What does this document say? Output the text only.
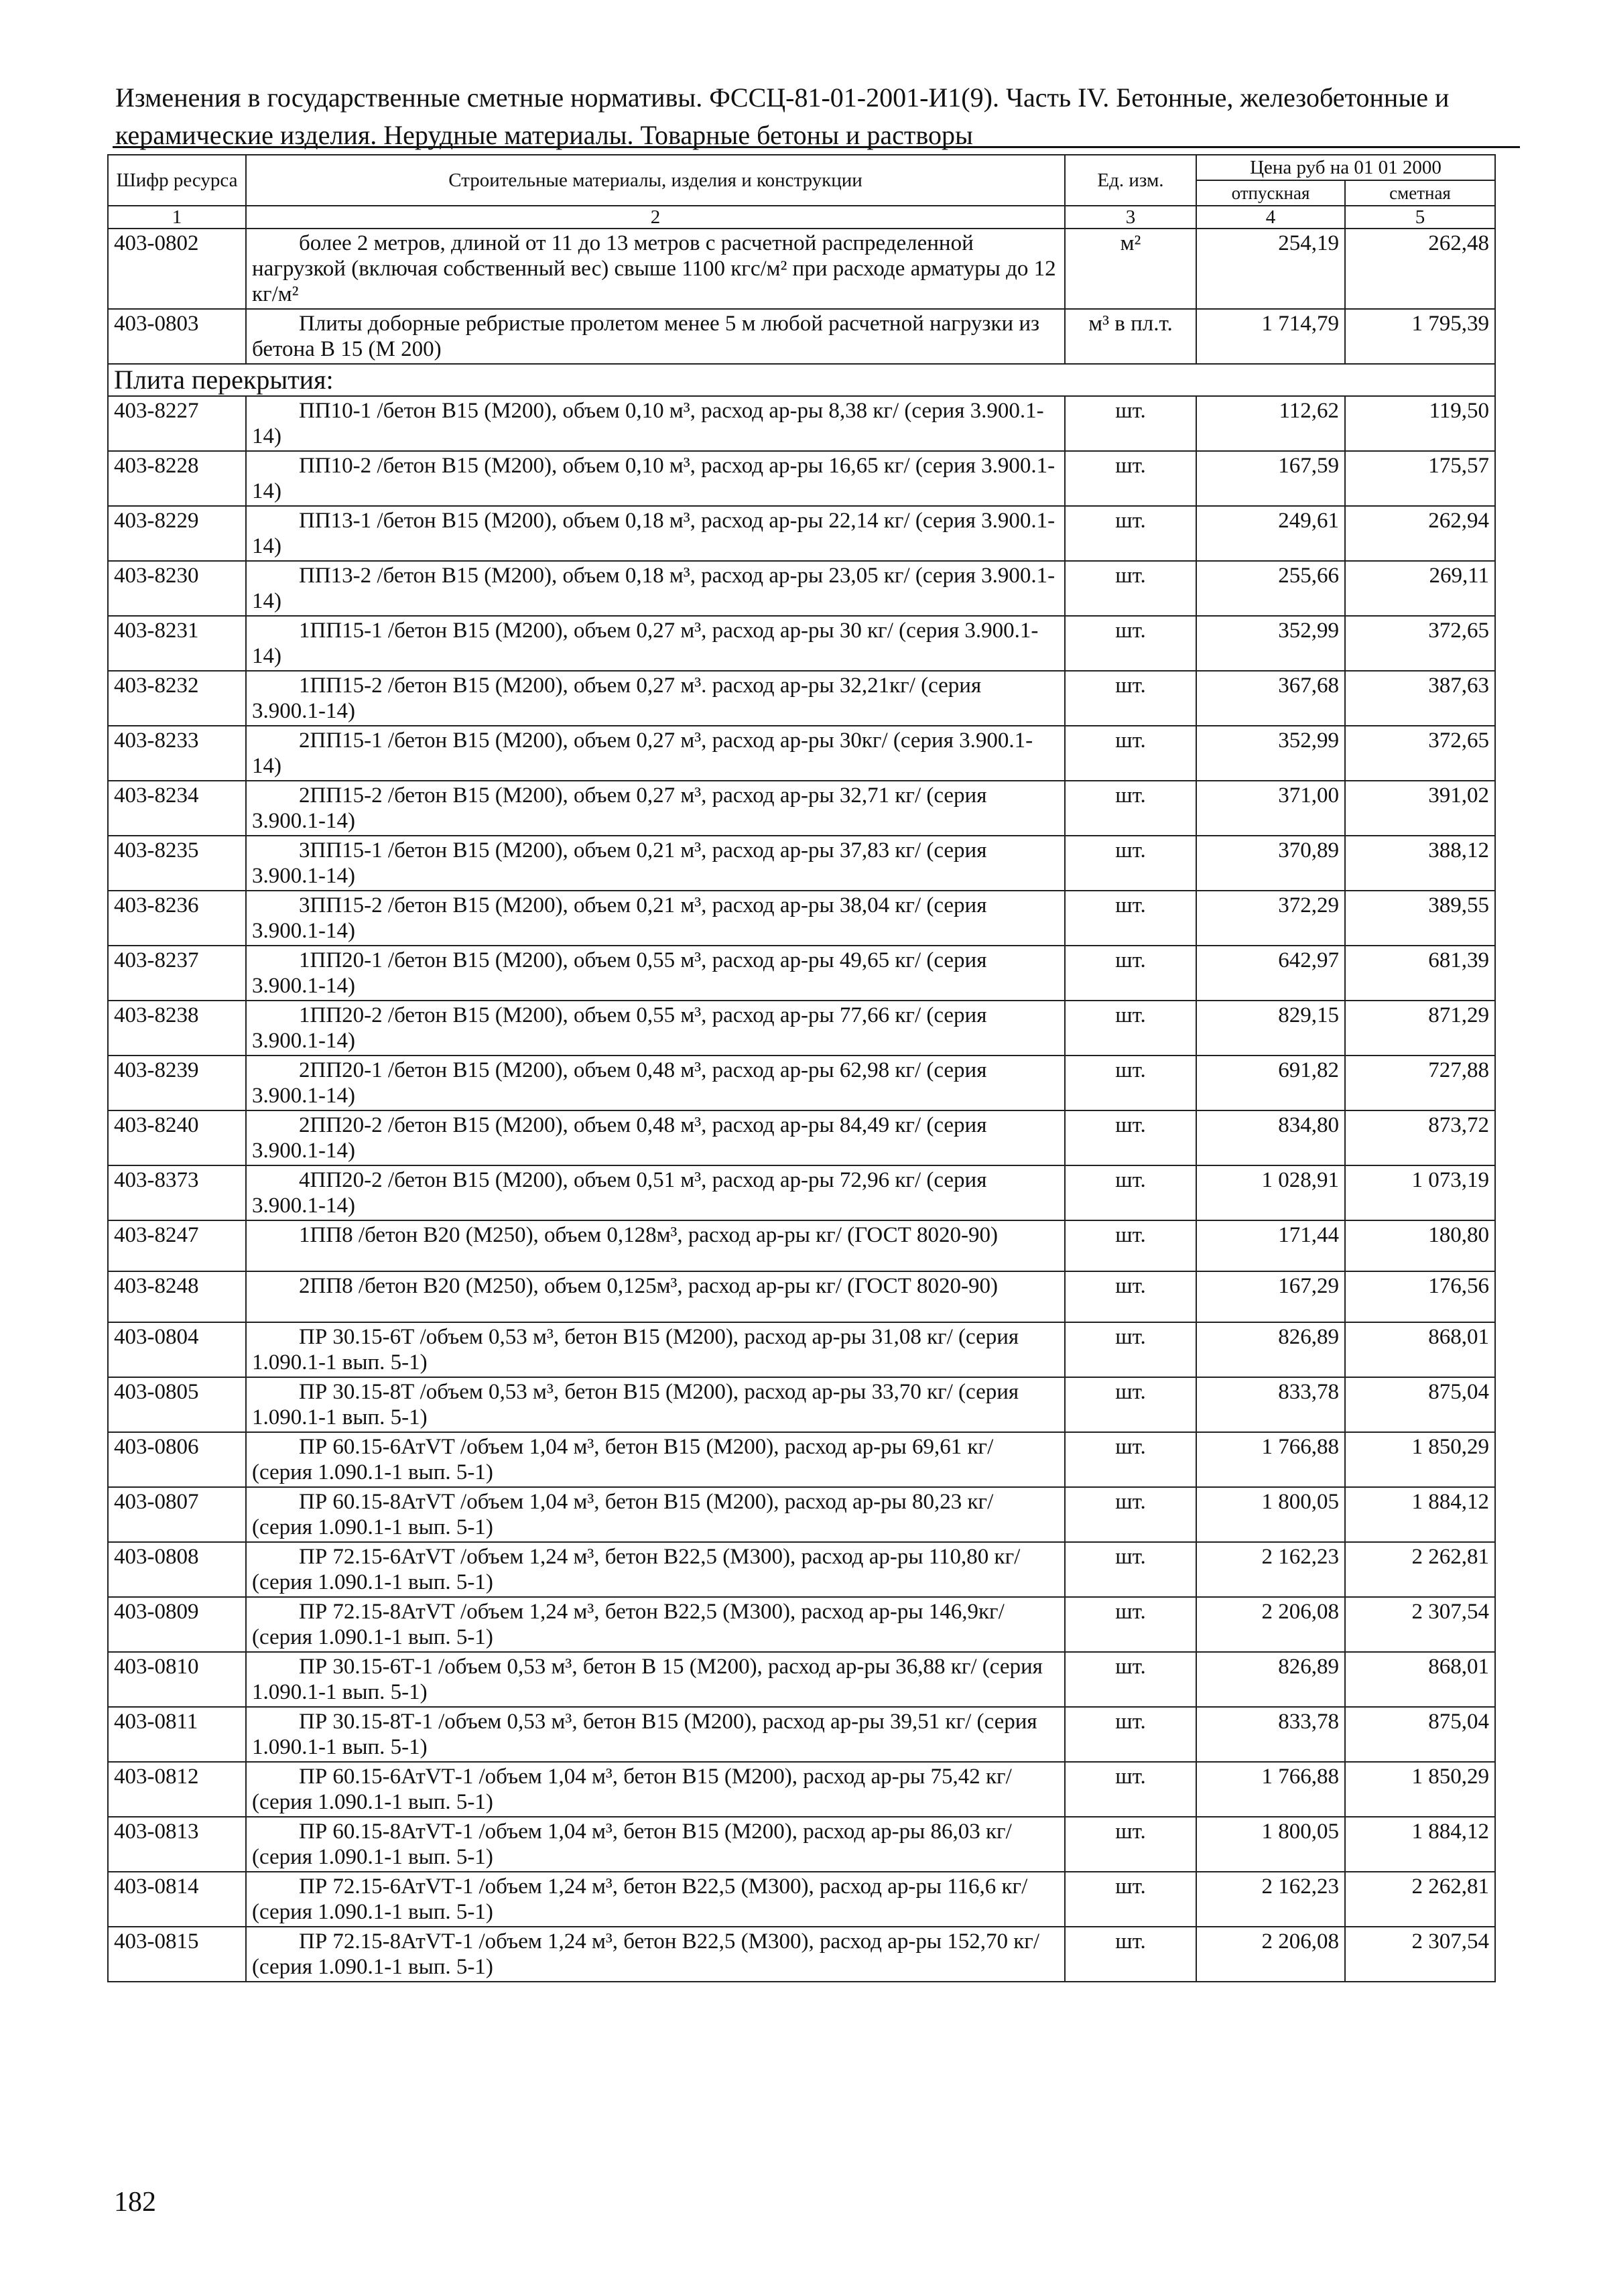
Изменения в государственные сметные нормативы. ФССЦ-81-01-2001-И1(9). Часть IV. Бетонные, железобетонные и
керамические изделия. Нерудные материалы. Товарные бетоны и растворы
Шифр ресурса	Строительные материалы, изделия и конструкции	Ед. изм.	Цена руб на 01 01 2000	
			отпускная	сметная
1	2	3	4	5
403-0802	более 2 метров, длиной от 11 до 13 метров с расчетной распределенной нагрузкой (включая собственный вес) свыше 1100 кгс/м² при расходе арматуры до 12 кг/м²	м²	254,19	262,48
403-0803	Плиты доборные ребристые пролетом менее 5 м любой расчетной нагрузки из бетона В 15 (М 200)	м³ в пл.т.	1 714,79	1 795,39
Плита перекрытия:				
403-8227	ПП10-1 /бетон В15 (М200), объем 0,10 м³, расход ар-ры 8,38 кг/ (серия 3.900.1-14)	шт.	112,62	119,50
403-8228	ПП10-2 /бетон В15 (М200), объем 0,10 м³, расход ар-ры 16,65 кг/ (серия 3.900.1-14)	шт.	167,59	175,57
403-8229	ПП13-1 /бетон В15 (М200), объем 0,18 м³, расход ар-ры 22,14 кг/ (серия 3.900.1-14)	шт.	249,61	262,94
403-8230	ПП13-2 /бетон В15 (М200), объем 0,18 м³, расход ар-ры 23,05 кг/ (серия 3.900.1-14)	шт.	255,66	269,11
403-8231	1ПП15-1 /бетон В15 (М200), объем 0,27 м³, расход ар-ры 30 кг/ (серия 3.900.1-14)	шт.	352,99	372,65
403-8232	1ПП15-2 /бетон В15 (М200), объем 0,27 м³. расход ар-ры 32,21кг/ (серия 3.900.1-14)	шт.	367,68	387,63
403-8233	2ПП15-1 /бетон В15 (М200), объем 0,27 м³, расход ар-ры 30кг/ (серия 3.900.1-14)	шт.	352,99	372,65
403-8234	2ПП15-2 /бетон В15 (М200), объем 0,27 м³, расход ар-ры 32,71 кг/ (серия 3.900.1-14)	шт.	371,00	391,02
403-8235	3ПП15-1 /бетон В15 (М200), объем 0,21 м³, расход ар-ры 37,83 кг/ (серия 3.900.1-14)	шт.	370,89	388,12
403-8236	3ПП15-2 /бетон В15 (М200), объем 0,21 м³, расход ар-ры 38,04 кг/ (серия 3.900.1-14)	шт.	372,29	389,55
403-8237	1ПП20-1 /бетон В15 (М200), объем 0,55 м³, расход ар-ры 49,65 кг/ (серия 3.900.1-14)	шт.	642,97	681,39
403-8238	1ПП20-2 /бетон В15 (М200), объем 0,55 м³, расход ар-ры 77,66 кг/ (серия 3.900.1-14)	шт.	829,15	871,29
403-8239	2ПП20-1 /бетон В15 (М200), объем 0,48 м³, расход ар-ры 62,98 кг/ (серия 3.900.1-14)	шт.	691,82	727,88
403-8240	2ПП20-2 /бетон В15 (М200), объем 0,48 м³, расход ар-ры 84,49 кг/ (серия 3.900.1-14)	шт.	834,80	873,72
403-8373	4ПП20-2 /бетон В15 (М200), объем 0,51 м³, расход ар-ры 72,96 кг/ (серия 3.900.1-14)	шт.	1 028,91	1 073,19
403-8247	1ПП8 /бетон В20 (М250), объем 0,128м³, расход ар-ры кг/ (ГОСТ 8020-90)	шт.	171,44	180,80
403-8248	2ПП8 /бетон В20 (М250), объем 0,125м³, расход ар-ры кг/ (ГОСТ 8020-90)	шт.	167,29	176,56
403-0804	ПР 30.15-6Т /объем 0,53 м³, бетон В15 (М200), расход ар-ры 31,08 кг/ (серия 1.090.1-1 вып. 5-1)	шт.	826,89	868,01
403-0805	ПР 30.15-8Т /объем 0,53 м³, бетон В15 (М200), расход ар-ры 33,70 кг/ (серия 1.090.1-1 вып. 5-1)	шт.	833,78	875,04
403-0806	ПР 60.15-6АтVТ /объем 1,04 м³, бетон В15 (М200), расход ар-ры 69,61 кг/ (серия 1.090.1-1 вып. 5-1)	шт.	1 766,88	1 850,29
403-0807	ПР 60.15-8АтVТ /объем 1,04 м³, бетон В15 (М200), расход ар-ры 80,23 кг/ (серия 1.090.1-1 вып. 5-1)	шт.	1 800,05	1 884,12
403-0808	ПР 72.15-6АтVТ /объем 1,24 м³, бетон В22,5 (М300), расход ар-ры 110,80 кг/ (серия 1.090.1-1 вып. 5-1)	шт.	2 162,23	2 262,81
403-0809	ПР 72.15-8АтVТ /объем 1,24 м³, бетон В22,5 (М300), расход ар-ры 146,9кг/ (серия 1.090.1-1 вып. 5-1)	шт.	2 206,08	2 307,54
403-0810	ПР 30.15-6Т-1 /объем 0,53 м³, бетон В 15 (М200), расход ар-ры 36,88 кг/ (серия 1.090.1-1 вып. 5-1)	шт.	826,89	868,01
403-0811	ПР 30.15-8Т-1 /объем 0,53 м³, бетон В15 (М200), расход ар-ры 39,51 кг/ (серия 1.090.1-1 вып. 5-1)	шт.	833,78	875,04
403-0812	ПР 60.15-6АтVТ-1 /объем 1,04 м³, бетон В15 (М200), расход ар-ры 75,42 кг/ (серия 1.090.1-1 вып. 5-1)	шт.	1 766,88	1 850,29
403-0813	ПР 60.15-8АтVТ-1 /объем 1,04 м³, бетон В15 (М200), расход ар-ры 86,03 кг/ (серия 1.090.1-1 вып. 5-1)	шт.	1 800,05	1 884,12
403-0814	ПР 72.15-6АтVТ-1 /объем 1,24 м³, бетон В22,5 (М300), расход ар-ры 116,6 кг/ (серия 1.090.1-1 вып. 5-1)	шт.	2 162,23	2 262,81
403-0815	ПР 72.15-8АтVТ-1 /объем 1,24 м³, бетон В22,5 (М300), расход ар-ры 152,70 кг/ (серия 1.090.1-1 вып. 5-1)	шт.	2 206,08	2 307,54
182
